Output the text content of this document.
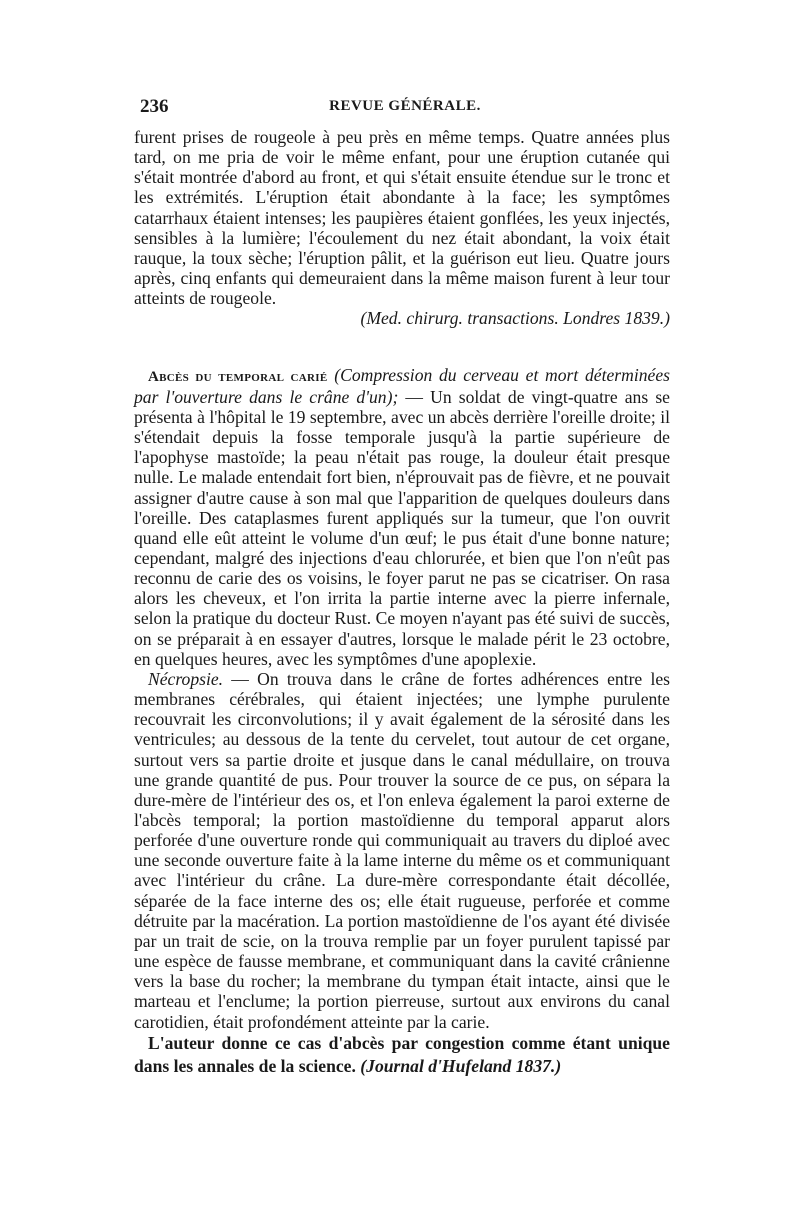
236	REVUE GÉNÉRALE.

furent prises de rougeole à peu près en même temps. Quatre années plus tard, on me pria de voir le même enfant, pour une éruption cutanée qui s'était montrée d'abord au front, et qui s'était ensuite étendue sur le tronc et les extrémités. L'éruption était abondante à la face; les symptômes catarrhaux étaient intenses; les paupières étaient gonflées, les yeux injectés, sensibles à la lumière; l'écoulement du nez était abondant, la voix était rauque, la toux sèche; l'éruption pâlit, et la guérison eut lieu. Quatre jours après, cinq enfants qui demeuraient dans la même maison furent à leur tour atteints de rougeole.

(Med. chirurg. transactions. Londres 1839.)

Abcès du temporal carié (Compression du cerveau et mort déterminées par l'ouverture dans le crâne d'un); — Un soldat de vingt-quatre ans se présenta à l'hôpital le 19 septembre, avec un abcès derrière l'oreille droite; il s'étendait depuis la fosse temporale jusqu'à la partie supérieure de l'apophyse mastoïde; la peau n'était pas rouge, la douleur était presque nulle. Le malade entendait fort bien, n'éprouvait pas de fièvre, et ne pouvait assigner d'autre cause à son mal que l'apparition de quelques douleurs dans l'oreille. Des cataplasmes furent appliqués sur la tumeur, que l'on ouvrit quand elle eût atteint le volume d'un œuf; le pus était d'une bonne nature; cependant, malgré des injections d'eau chlorurée, et bien que l'on n'eût pas reconnu de carie des os voisins, le foyer parut ne pas se cicatriser. On rasa alors les cheveux, et l'on irrita la partie interne avec la pierre infernale, selon la pratique du docteur Rust. Ce moyen n'ayant pas été suivi de succès, on se préparait à en essayer d'autres, lorsque le malade périt le 23 octobre, en quelques heures, avec les symptômes d'une apoplexie.

Nécropsie. — On trouva dans le crâne de fortes adhérences entre les membranes cérébrales, qui étaient injectées; une lymphe purulente recouvrait les circonvolutions; il y avait également de la sérosité dans les ventricules; au dessous de la tente du cervelet, tout autour de cet organe, surtout vers sa partie droite et jusque dans le canal médullaire, on trouva une grande quantité de pus. Pour trouver la source de ce pus, on sépara la dure-mère de l'intérieur des os, et l'on enleva également la paroi externe de l'abcès temporal; la portion mastoïdienne du temporal apparut alors perforée d'une ouverture ronde qui communiquait au travers du diploé avec une seconde ouverture faite à la lame interne du même os et communiquant avec l'intérieur du crâne. La dure-mère correspondante était décollée, séparée de la face interne des os; elle était rugueuse, perforée et comme détruite par la macération. La portion mastoïdienne de l'os ayant été divisée par un trait de scie, on la trouva remplie par un foyer purulent tapissé par une espèce de fausse membrane, et communiquant dans la cavité crânienne vers la base du rocher; la membrane du tympan était intacte, ainsi que le marteau et l'enclume; la portion pierreuse, surtout aux environs du canal carotidien, était profondément atteinte par la carie.

L'auteur donne ce cas d'abcès par congestion comme étant unique dans les annales de la science. (Journal d'Hufeland 1837.)
